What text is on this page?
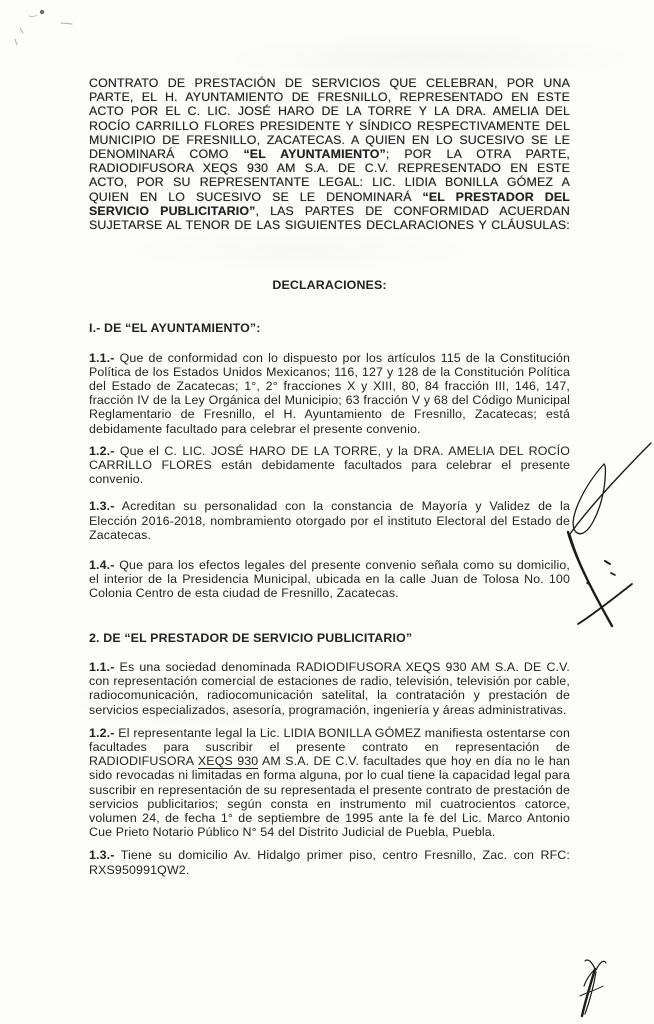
CONTRATO DE PRESTACIÓN DE SERVICIOS QUE CELEBRAN, POR UNA PARTE, EL H. AYUNTAMIENTO DE FRESNILLO, REPRESENTADO EN ESTE ACTO POR EL C. LIC. JOSÉ HARO DE LA TORRE Y LA DRA. AMELIA DEL ROCÍO CARRILLO FLORES PRESIDENTE Y SÍNDICO RESPECTIVAMENTE DEL MUNICIPIO DE FRESNILLO, ZACATECAS. A QUIEN EN LO SUCESIVO SE LE DENOMINARÁ COMO “EL AYUNTAMIENTO”; POR LA OTRA PARTE, RADIODIFUSORA XEQS 930 AM S.A. DE C.V. REPRESENTADO EN ESTE ACTO, POR SU REPRESENTANTE LEGAL: LIC. LIDIA BONILLA GÓMEZ A QUIEN EN LO SUCESIVO SE LE DENOMINARÁ “EL PRESTADOR DEL SERVICIO PUBLICITARIO”, LAS PARTES DE CONFORMIDAD ACUERDAN SUJETARSE AL TENOR DE LAS SIGUIENTES DECLARACIONES Y CLÁUSULAS:

DECLARACIONES:

I.- DE “EL AYUNTAMIENTO”:

1.1.- Que de conformidad con lo dispuesto por los artículos 115 de la Constitución Política de los Estados Unidos Mexicanos; 116, 127 y 128 de la Constitución Política del Estado de Zacatecas; 1°, 2° fracciones X y XIII, 80, 84 fracción III, 146, 147, fracción IV de la Ley Orgánica del Municipio; 63 fracción V y 68 del Código Municipal Reglamentario de Fresnillo, el H. Ayuntamiento de Fresnillo, Zacatecas; está debidamente facultado para celebrar el presente convenio.

1.2.- Que el C. LIC. JOSÉ HARO DE LA TORRE, y la DRA. AMELIA DEL ROCÍO CARRILLO FLORES están debidamente facultados para celebrar el presente convenio.

1.3.- Acreditan su personalidad con la constancia de Mayoría y Validez de la Elección 2016-2018, nombramiento otorgado por el instituto Electoral del Estado de Zacatecas.

1.4.- Que para los efectos legales del presente convenio señala como su domicilio, el interior de la Presidencia Municipal, ubicada en la calle Juan de Tolosa No. 100 Colonia Centro de esta ciudad de Fresnillo, Zacatecas.

2. DE “EL PRESTADOR DE SERVICIO PUBLICITARIO”

1.1.- Es una sociedad denominada RADIODIFUSORA XEQS 930 AM S.A. DE C.V. con representación comercial de estaciones de radio, televisión, televisión por cable, radiocomunicación, radiocomunicación satelital, la contratación y prestación de servicios especializados, asesoría, programación, ingeniería y áreas administrativas.

1.2.- El representante legal la Lic. LIDIA BONILLA GÓMEZ manifiesta ostentarse con facultades para suscribir el presente contrato en representación de RADIODIFUSORA XEQS 930 AM S.A. DE C.V. facultades que hoy en día no le han sido revocadas ni limitadas en forma alguna, por lo cual tiene la capacidad legal para suscribir en representación de su representada el presente contrato de prestación de servicios publicitarios; según consta en instrumento mil cuatrocientos catorce, volumen 24, de fecha 1° de septiembre de 1995 ante la fe del Lic. Marco Antonio Cue Prieto Notario Público N° 54 del Distrito Judicial de Puebla, Puebla.

1.3.- Tiene su domicilio Av. Hidalgo primer piso, centro Fresnillo, Zac. con RFC: RXS950991QW2.
